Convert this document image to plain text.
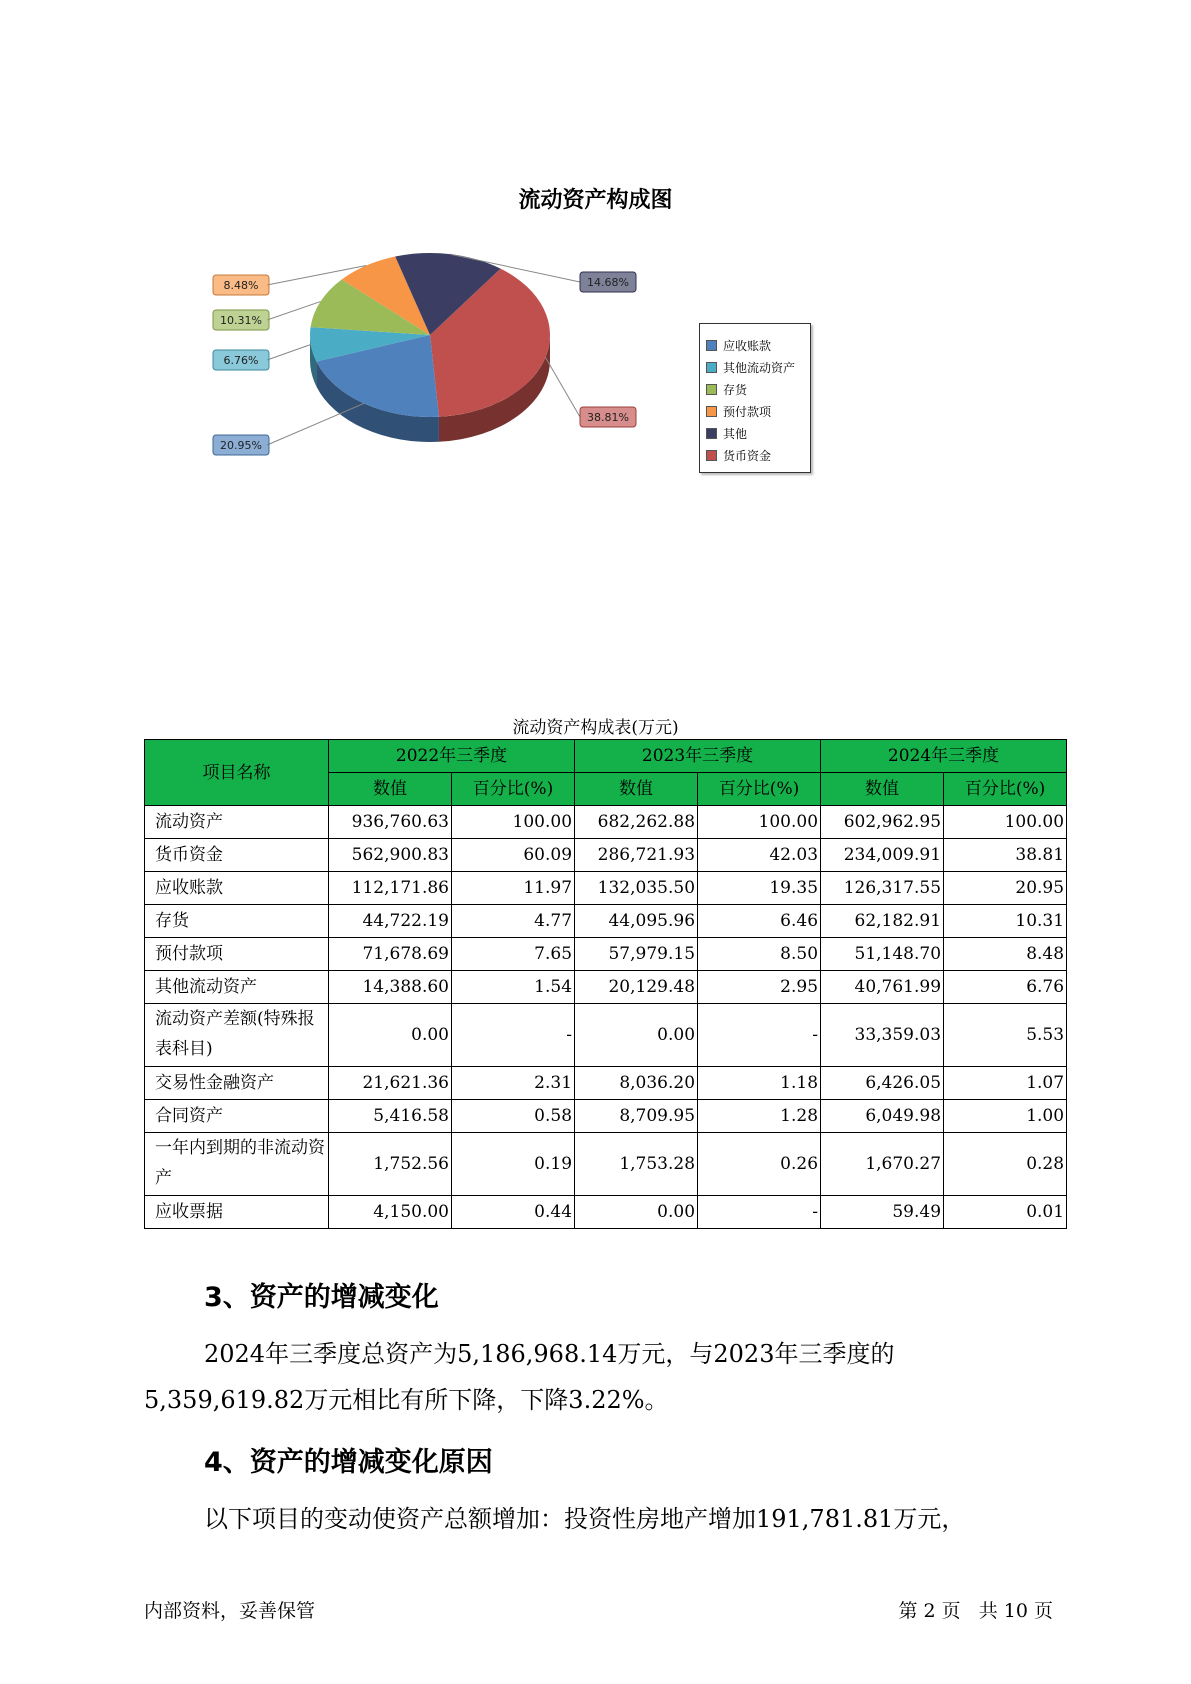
流动资产构成图
38.81%
20.95%
6.76%
10.31%
8.48%	14.68%
应收账款
其他流动资产
存货
预付款项
其他
货币资金
流动资产构成表(万元)
项目名称	2022年三季度		2023年三季度		2024年三季度	
	数值	百分比(%)	数值	百分比(%)	数值	百分比(%)
流动资产	936,760.63	100.00	682,262.88	100.00	602,962.95	100.00
货币资金	562,900.83	60.09	286,721.93	42.03	234,009.91	38.81
应收账款	112,171.86	11.97	132,035.50	19.35	126,317.55	20.95
存货	44,722.19	4.77	44,095.96	6.46	62,182.91	10.31
预付款项	71,678.69	7.65	57,979.15	8.50	51,148.70	8.48
其他流动资产	14,388.60	1.54	20,129.48	2.95	40,761.99	6.76
流动资产差额(特殊报表科目)	0.00	-	0.00	-	33,359.03	5.53
交易性金融资产	21,621.36	2.31	8,036.20	1.18	6,426.05	1.07
合同资产	5,416.58	0.58	8,709.95	1.28	6,049.98	1.00
一年内到期的非流动资产	1,752.56	0.19	1,753.28	0.26	1,670.27	0.28
应收票据	4,150.00	0.44	0.00	-	59.49	0.01
3、资产的增减变化
2024年三季度总资产为5,186,968.14万元，与2023年三季度的
5,359,619.82万元相比有所下降，下降3.22%。
4、资产的增减变化原因
以下项目的变动使资产总额增加：投资性房地产增加191,781.81万元，
内部资料，妥善保管	第 2 页   共 10 页
